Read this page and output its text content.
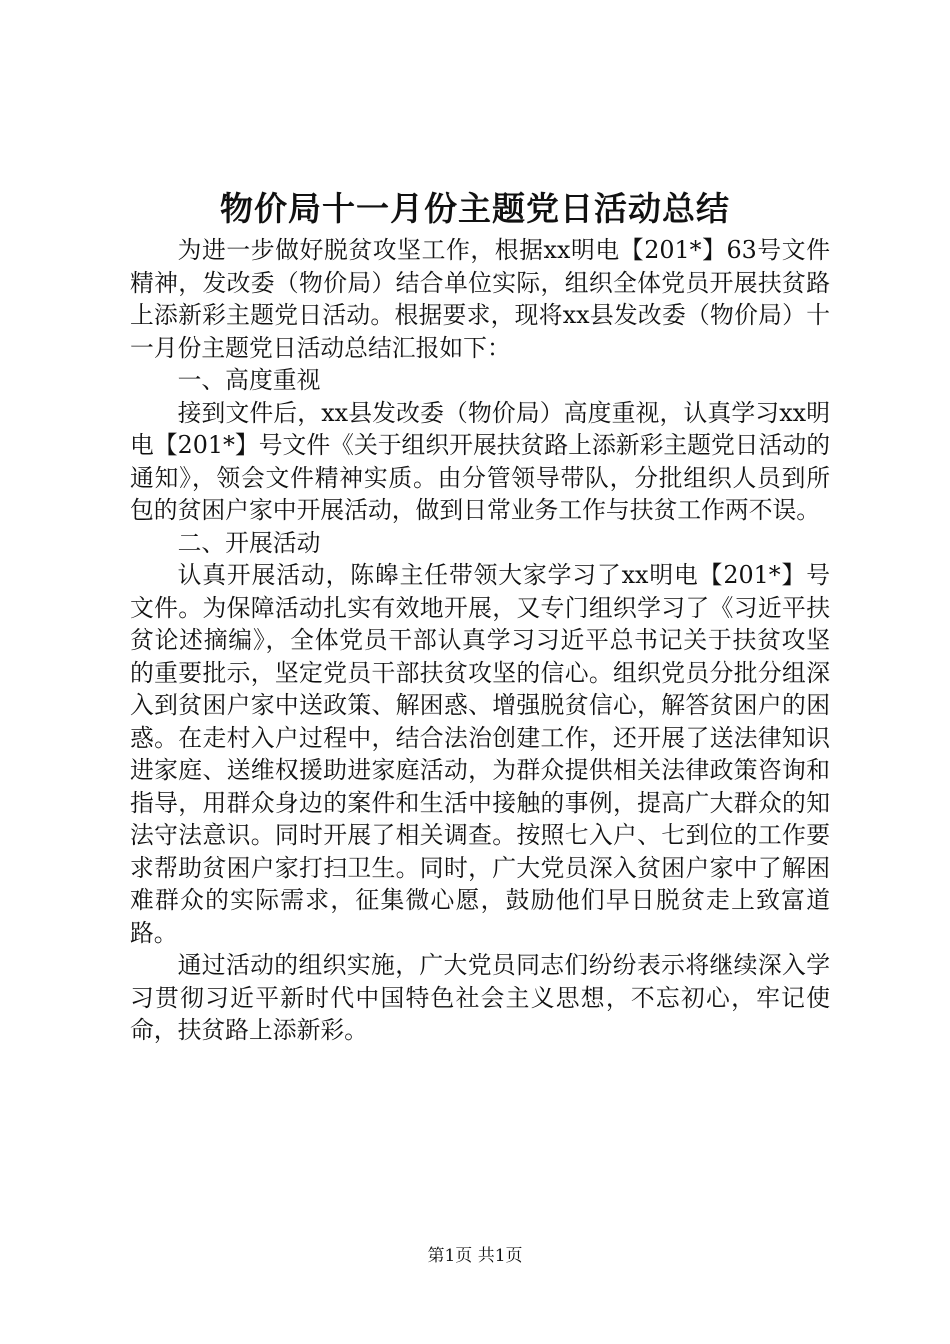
物价局十一月份主题党日活动总结

为进一步做好脱贫攻坚工作，根据xx明电【201*】63号文件精神，发改委（物价局）结合单位实际，组织全体党员开展扶贫路上添新彩主题党日活动。根据要求，现将xx县发改委（物价局）十一月份主题党日活动总结汇报如下：

一、高度重视

接到文件后，xx县发改委（物价局）高度重视，认真学习xx明电【201*】号文件《关于组织开展扶贫路上添新彩主题党日活动的通知》，领会文件精神实质。由分管领导带队，分批组织人员到所包的贫困户家中开展活动，做到日常业务工作与扶贫工作两不误。

二、开展活动

认真开展活动，陈皞主任带领大家学习了xx明电【201*】号文件。为保障活动扎实有效地开展，又专门组织学习了《习近平扶贫论述摘编》，全体党员干部认真学习习近平总书记关于扶贫攻坚的重要批示，坚定党员干部扶贫攻坚的信心。组织党员分批分组深入到贫困户家中送政策、解困惑、增强脱贫信心，解答贫困户的困惑。在走村入户过程中，结合法治创建工作，还开展了送法律知识进家庭、送维权援助进家庭活动，为群众提供相关法律政策咨询和指导，用群众身边的案件和生活中接触的事例，提高广大群众的知法守法意识。同时开展了相关调查。按照七入户、七到位的工作要求帮助贫困户家打扫卫生。同时，广大党员深入贫困户家中了解困难群众的实际需求，征集微心愿，鼓励他们早日脱贫走上致富道路。

通过活动的组织实施，广大党员同志们纷纷表示将继续深入学习贯彻习近平新时代中国特色社会主义思想，不忘初心，牢记使命，扶贫路上添新彩。

第1页 共1页
